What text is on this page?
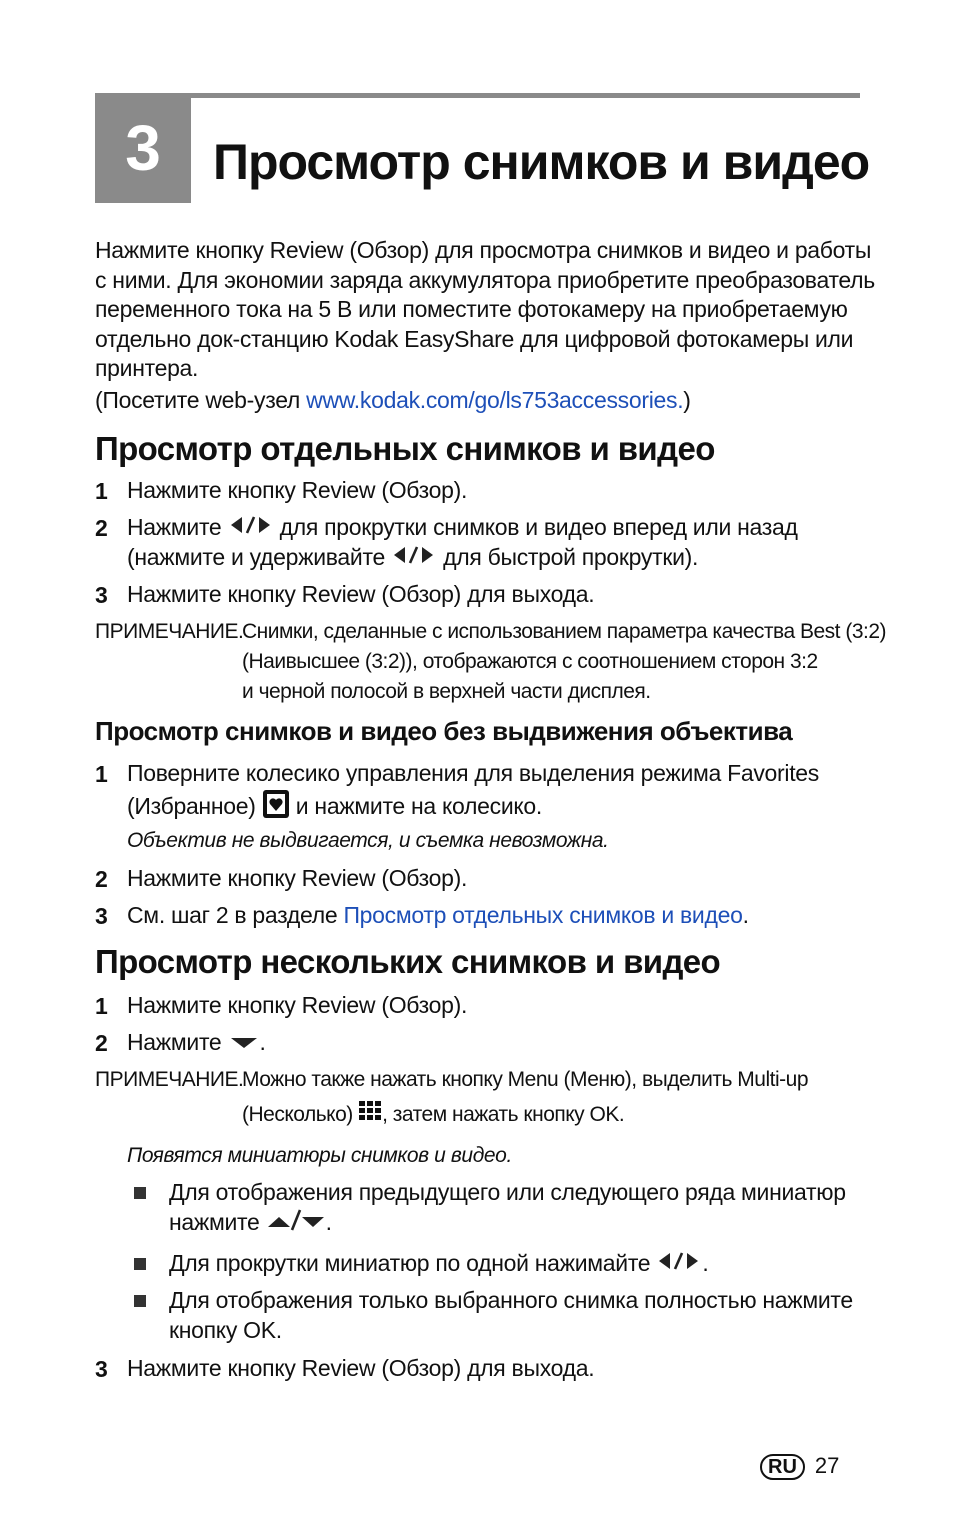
3	Просмотр снимков и видео
Нажмите кнопку Review (Обзор) для просмотра снимков и видео и работы
с ними. Для экономии заряда аккумулятора приобретите преобразователь
переменного тока на 5 В или поместите фотокамеру на приобретаемую
отдельно док-станцию Kodak EasyShare для цифровой фотокамеры или
принтера.
(Посетите web-узел www.kodak.com/go/ls753accessories.)
Просмотр отдельных снимков и видео
1 Нажмите кнопку Review (Обзор).
2 Нажмите	для прокрутки снимков и видео вперед или назад
(нажмите и удерживайте	для быстрой прокрутки).
3 Нажмите кнопку Review (Обзор) для выхода.
ПРИМЕЧАНИЕ.
Снимки, сделанные с использованием параметра качества Best (3:2)
(Наивысшее (3:2)), отображаются с соотношением сторон 3:2
и черной полосой в верхней части дисплея.
Просмотр снимков и видео без выдвижения объектива
1 Поверните колесико управления для выделения режима Favorites
(Избранное) и нажмите на колесико.
Объектив не выдвигается, и съемка невозможна.
2 Нажмите кнопку Review (Обзор).
3 См. шаг 2 в разделе Просмотр отдельных снимков и видео.
Просмотр нескольких снимков и видео
1 Нажмите кнопку Review (Обзор).
2 Нажмите .
ПРИМЕЧАНИЕ.
Можно также нажать кнопку Menu (Меню), выделить Multi-up
(Несколько) , затем нажать кнопку OK.
Появятся миниатюры снимков и видео.
Для отображения предыдущего или следующего ряда миниатюр
нажмите	.
Для прокрутки миниатюр по одной нажимайте .
Для отображения только выбранного снимка полностью нажмите
кнопку OK.
3 Нажмите кнопку Review (Обзор) для выхода.
RU 27
